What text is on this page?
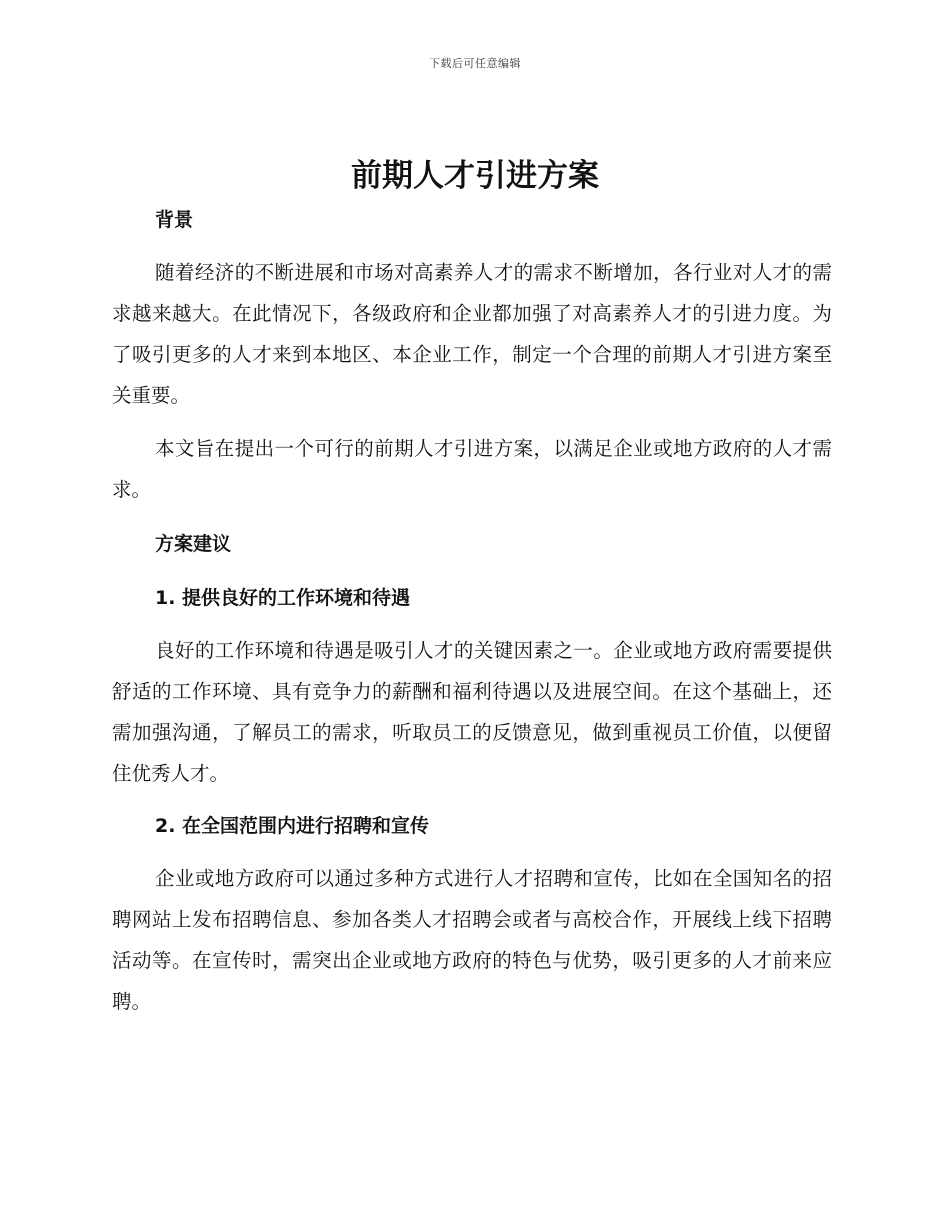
下载后可任意编辑
前期人才引进方案

背景

随着经济的不断进展和市场对高素养人才的需求不断增加，各行业对人才的需求越来越大。在此情况下，各级政府和企业都加强了对高素养人才的引进力度。为了吸引更多的人才来到本地区、本企业工作，制定一个合理的前期人才引进方案至关重要。

本文旨在提出一个可行的前期人才引进方案，以满足企业或地方政府的人才需求。

方案建议

1. 提供良好的工作环境和待遇

良好的工作环境和待遇是吸引人才的关键因素之一。企业或地方政府需要提供舒适的工作环境、具有竞争力的薪酬和福利待遇以及进展空间。在这个基础上，还需加强沟通，了解员工的需求，听取员工的反馈意见，做到重视员工价值，以便留住优秀人才。

2. 在全国范围内进行招聘和宣传

企业或地方政府可以通过多种方式进行人才招聘和宣传，比如在全国知名的招聘网站上发布招聘信息、参加各类人才招聘会或者与高校合作，开展线上线下招聘活动等。在宣传时，需突出企业或地方政府的特色与优势，吸引更多的人才前来应聘。
